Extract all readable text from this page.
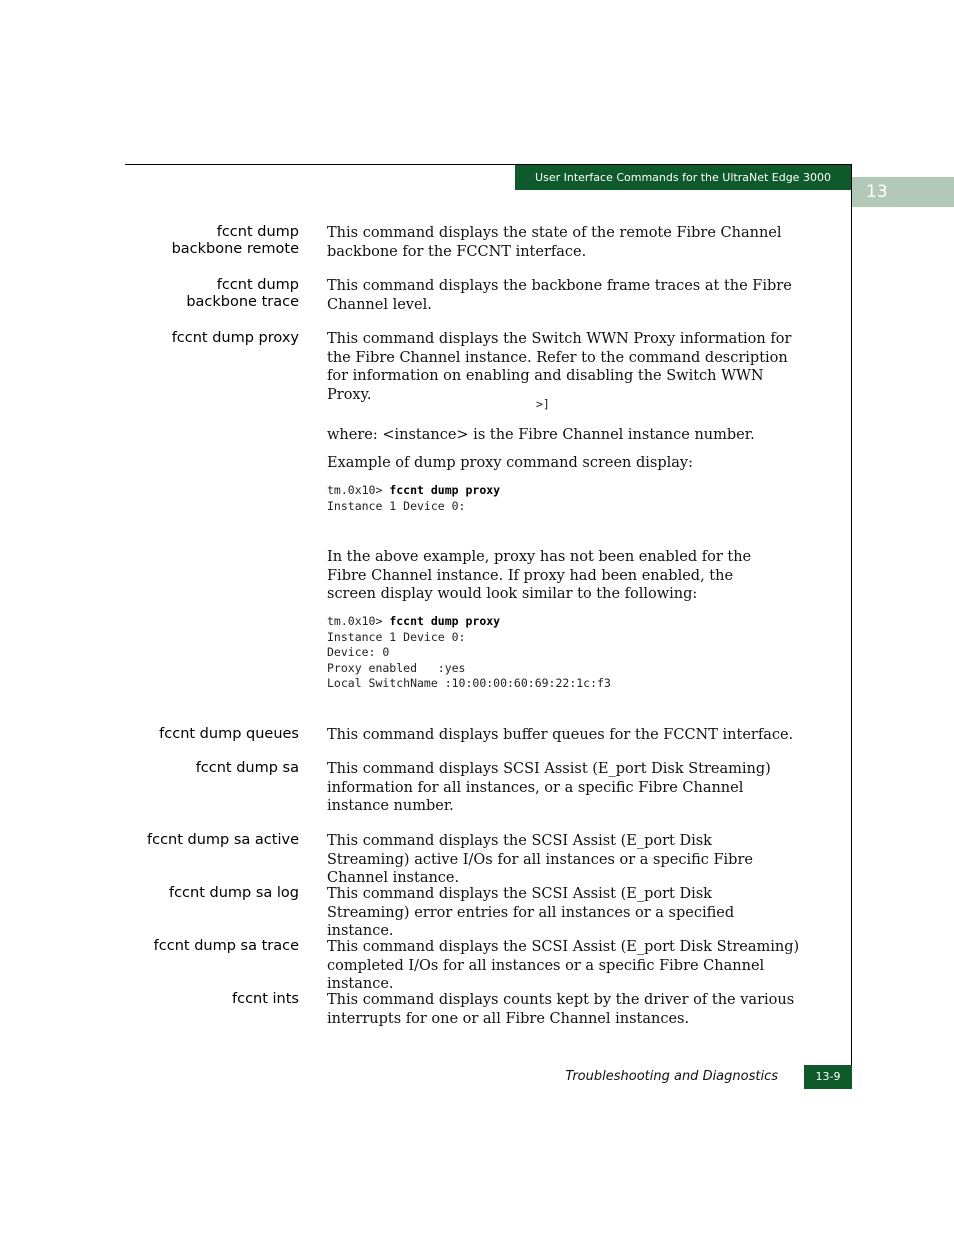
User Interface Commands for the UltraNet Edge 3000
13
fccnt dump
backbone remote
This command displays the state of the remote Fibre Channel backbone for the FCCNT interface.
fccnt dump
backbone trace
This command displays the backbone frame traces at the Fibre Channel level.
fccnt dump proxy This command displays the Switch WWN Proxy information for the Fibre Channel instance. Refer to the command description for information on enabling and disabling the Switch WWN Proxy.
>]
where: <instance> is the Fibre Channel instance number.
Example of dump proxy command screen display:
tm.0x10> fccnt dump proxy
Instance 1 Device 0:
In the above example, proxy has not been enabled for the Fibre Channel instance. If proxy had been enabled, the screen display would look similar to the following:
tm.0x10> fccnt dump proxy
Instance 1 Device 0:
Device: 0
Proxy enabled   :yes
Local SwitchName :10:00:00:60:69:22:1c:f3
fccnt dump queues This command displays buffer queues for the FCCNT interface.
fccnt dump sa This command displays SCSI Assist (E_port Disk Streaming) information for all instances, or a specific Fibre Channel instance number.
fccnt dump sa active This command displays the SCSI Assist (E_port Disk Streaming) active I/Os for all instances or a specific Fibre Channel instance.
fccnt dump sa log This command displays the SCSI Assist (E_port Disk Streaming) error entries for all instances or a specified instance.
fccnt dump sa trace This command displays the SCSI Assist (E_port Disk Streaming) completed I/Os for all instances or a specific Fibre Channel instance.
fccnt ints This command displays counts kept by the driver of the various interrupts for one or all Fibre Channel instances.
Troubleshooting and Diagnostics	13-9
